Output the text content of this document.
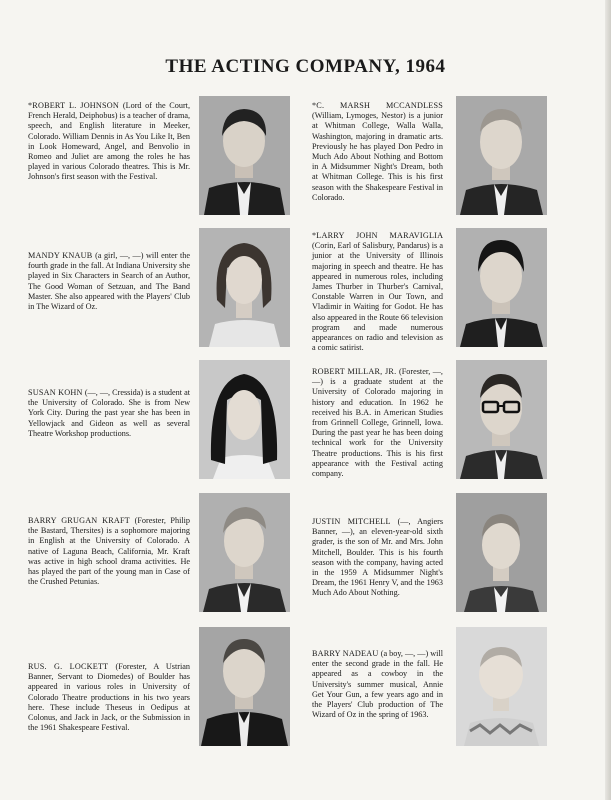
THE ACTING COMPANY, 1964

*ROBERT L. JOHNSON (Lord of the Court, French Herald, Deiphobus) is a teacher of drama, speech, and English literature in Meeker, Colorado. William Dennis in As You Like It, Ben in Look Homeward, Angel, and Benvolio in Romeo and Juliet are among the roles he has played in various Colorado theatres. This is Mr. Johnson's first season with the Festival.

MANDY KNAUB (a girl, —, —) will enter the fourth grade in the fall. At Indiana University she played in Six Characters in Search of an Author, The Good Woman of Setzuan, and The Band Master. She also appeared with the Players' Club in The Wizard of Oz.

SUSAN KOHN (—, —, Cressida) is a student at the University of Colorado. She is from New York City. During the past year she has been in Yellowjack and Gideon as well as several Theatre Workshop productions.

BARRY GRUGAN KRAFT (Forester, Philip the Bastard, Thersites) is a sophomore majoring in English at the University of Colorado. A native of Laguna Beach, California, Mr. Kraft was active in high school drama activities. He has played the part of the young man in Case of the Crushed Petunias.

RUS. G. LOCKETT (Forester, A Ustrian Banner, Servant to Diomedes) of Boulder has appeared in various roles in University of Colorado Theatre productions in his two years here. These include Theseus in Oedipus at Colonus, and Jack in Jack, or the Submission in the 1961 Shakespeare Festival.

*C. MARSH MCCANDLESS (William, Lymoges, Nestor) is a junior at Whitman College, Walla Walla, Washington, majoring in dramatic arts. Previously he has played Don Pedro in Much Ado About Nothing and Bottom in A Midsummer Night's Dream, both at Whitman College. This is his first season with the Shakespeare Festival in Colorado.

*LARRY JOHN MARAVIGLIA (Corin, Earl of Salisbury, Pandarus) is a junior at the University of Illinois majoring in speech and theatre. He has appeared in numerous roles, including James Thurber in Thurber's Carnival, Constable Warren in Our Town, and Vladimir in Waiting for Godot. He has also appeared in the Route 66 television program and made numerous appearances on radio and television as a comic satirist.

ROBERT MILLAR, JR. (Forester, —, —) is a graduate student at the University of Colorado majoring in history and education. In 1962 he received his B.A. in American Studies from Grinnell College, Grinnell, Iowa. During the past year he has been doing technical work for the University Theatre productions. This is his first appearance with the Festival acting company.

JUSTIN MITCHELL (—, Angiers Banner, —), an eleven-year-old sixth grader, is the son of Mr. and Mrs. John Mitchell, Boulder. This is his fourth season with the company, having acted in the 1959 A Midsummer Night's Dream, the 1961 Henry V, and the 1963 Much Ado About Nothing.

BARRY NADEAU (a boy, —, —) will enter the second grade in the fall. He appeared as a cowboy in the University's summer musical, Annie Get Your Gun, a few years ago and in the Players' Club production of The Wizard of Oz in the spring of 1963.
